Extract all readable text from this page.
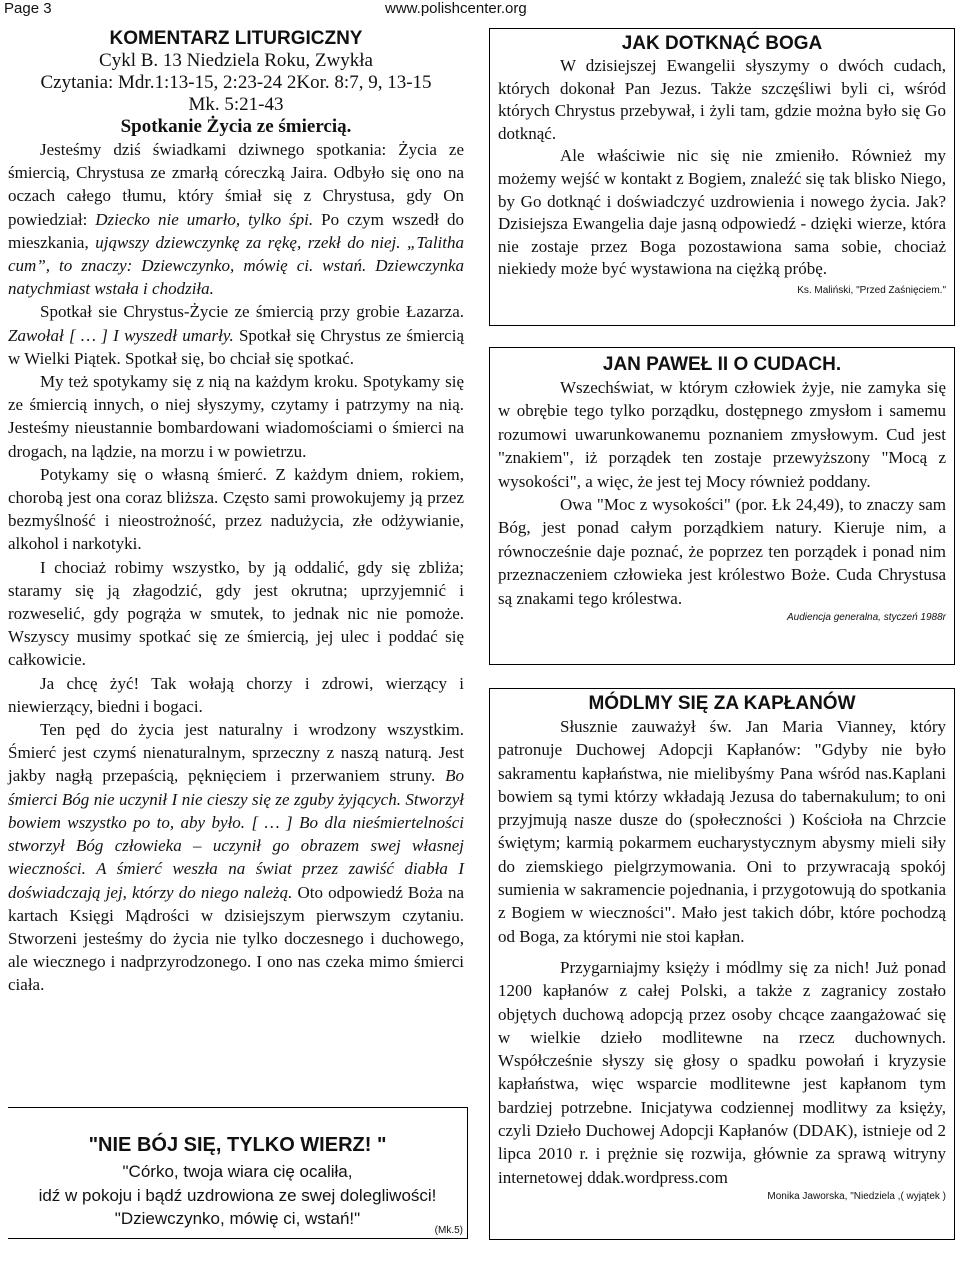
Page 3	www.polishcenter.org
KOMENTARZ LITURGICZNY
Cykl B. 13 Niedziela Roku, Zwykła
Czytania: Mdr.1:13-15, 2:23-24 2Kor. 8:7, 9, 13-15
Mk. 5:21-43
Spotkanie Życia ze śmiercią.

Jesteśmy dziś świadkami dziwnego spotkania: Życia ze śmiercią, Chrystusa ze zmarłą córeczką Jaira. Odbyło się ono na oczach całego tłumu, który śmiał się z Chrystusa, gdy On powiedział: Dziecko nie umarło, tylko śpi. Po czym wszedł do mieszkania, ująwszy dziewczynkę za rękę, rzekł do niej. „Talitha cum”, to znaczy: Dziewczynko, mówię ci. wstań. Dziewczynka natychmiast wstała i chodziła.

Spotkał sie Chrystus-Życie ze śmiercią przy grobie Łazarza. Zawołał [ … ] I wyszedł umarły. Spotkał się Chrystus ze śmiercią w Wielki Piątek. Spotkał się, bo chciał się spotkać.

My też spotykamy się z nią na każdym kroku. Spotykamy się ze śmiercią innych, o niej słyszymy, czytamy i patrzymy na nią. Jesteśmy nieustannie bombardowani wiadomościami o śmierci na drogach, na lądzie, na morzu i w powietrzu.

Potykamy się o własną śmierć. Z każdym dniem, rokiem, chorobą jest ona coraz bliższa. Często sami prowokujemy ją przez bezmyślność i nieostrożność, przez nadużycia, złe odżywianie, alkohol i narkotyki.

I chociaż robimy wszystko, by ją oddalić, gdy się zbliża; staramy się ją złagodzić, gdy jest okrutna; uprzyjemnić i rozweselić, gdy pogrąża w smutek, to jednak nic nie pomoże. Wszyscy musimy spotkać się ze śmiercią, jej ulec i poddać się całkowicie.

Ja chcę żyć! Tak wołają chorzy i zdrowi, wierzący i niewierzący, biedni i bogaci.

Ten pęd do życia jest naturalny i wrodzony wszystkim. Śmierć jest czymś nienaturalnym, sprzeczny z naszą naturą. Jest jakby nagłą przepaścią, pęknięciem i przerwaniem struny. Bo śmierci Bóg nie uczynił I nie cieszy się ze zguby żyjących. Stworzył bowiem wszystko po to, aby było. [ … ] Bo dla nieśmiertelności stworzył Bóg człowieka – uczynił go obrazem swej własnej wieczności. A śmierć weszła na świat przez zawiść diabła I doświadczają jej, którzy do niego należą. Oto odpowiedź Boża na kartach Księgi Mądrości w dzisiejszym pierwszym czytaniu. Stworzeni jesteśmy do życia nie tylko doczesnego i duchowego, ale wiecznego i nadprzyrodzonego. I ono nas czeka mimo śmierci ciała.

"NIE BÓJ SIĘ, TYLKO WIERZ! "
"Córko, twoja wiara cię ocaliła,
idź w pokoju i bądź uzdrowiona ze swej dolegliwości!
"Dziewczynko, mówię ci, wstań!"
(Mk.5)
JAK DOTKNĄĆ BOGA

W dzisiejszej Ewangelii słyszymy o dwóch cudach, których dokonał Pan Jezus. Także szczęśliwi byli ci, wśród których Chrystus przebywał, i żyli tam, gdzie można było się Go dotknąć.

Ale właściwie nic się nie zmieniło. Również my możemy wejść w kontakt z Bogiem, znaleźć się tak blisko Niego, by Go dotknąć i doświadczyć uzdrowienia i nowego życia. Jak? Dzisiejsza Ewangelia daje jasną odpowiedź - dzięki wierze, która nie zostaje przez Boga pozostawiona sama sobie, chociaż niekiedy może być wystawiona na ciężką próbę.

Ks. Maliński, "Przed Zaśnięciem."
JAN PAWEŁ II O CUDACH.

Wszechświat, w którym człowiek żyje, nie zamyka się w obrębie tego tylko porządku, dostępnego zmysłom i samemu rozumowi uwarunkowanemu poznaniem zmysłowym. Cud jest "znakiem", iż porządek ten zostaje przewyższony "Mocą z wysokości", a więc, że jest tej Mocy również poddany.

Owa "Moc z wysokości" (por. Łk 24,49), to znaczy sam Bóg, jest ponad całym porządkiem natury. Kieruje nim, a równocześnie daje poznać, że poprzez ten porządek i ponad nim przeznaczeniem człowieka jest królestwo Boże. Cuda Chrystusa są znakami tego królestwa.

Audiencja generalna, styczeń 1988r
MÓDLMY SIĘ ZA KAPŁANÓW

Słusznie zauważył św. Jan Maria Vianney, który patronuje Duchowej Adopcji Kapłanów: "Gdyby nie było sakramentu kapłaństwa, nie mielibyśmy Pana wśród nas.Kaplani bowiem są tymi którzy wkładają Jezusa do tabernakulum; to oni przyjmują nasze dusze do (społeczności ) Kościoła na Chrzcie świętym; karmią pokarmem eucharystycznym abysmy mieli siły do ziemskiego pielgrzymowania. Oni to przywracają spokój sumienia w sakramencie pojednania, i przygotowują do spotkania z Bogiem w wieczności". Mało jest takich dóbr, które pochodzą od Boga, za którymi nie stoi kapłan.

Przygarniajmy księży i módlmy się za nich! Już ponad 1200 kapłanów z całej Polski, a także z zagranicy zostało objętych duchową adopcją przez osoby chcące zaangażować się w wielkie dzieło modlitewne na rzecz duchownych. Współcześnie słyszy się głosy o spadku powołań i kryzysie kapłaństwa, więc wsparcie modlitewne jest kapłanom tym bardziej potrzebne. Inicjatywa codziennej modlitwy za księży, czyli Dzieło Duchowej Adopcji Kapłanów (DDAK), istnieje od 2 lipca 2010 r. i prężnie się rozwija, głównie za sprawą witryny internetowej ddak.wordpress.com

Monika Jaworska, "Niedziela ,( wyjątek )
